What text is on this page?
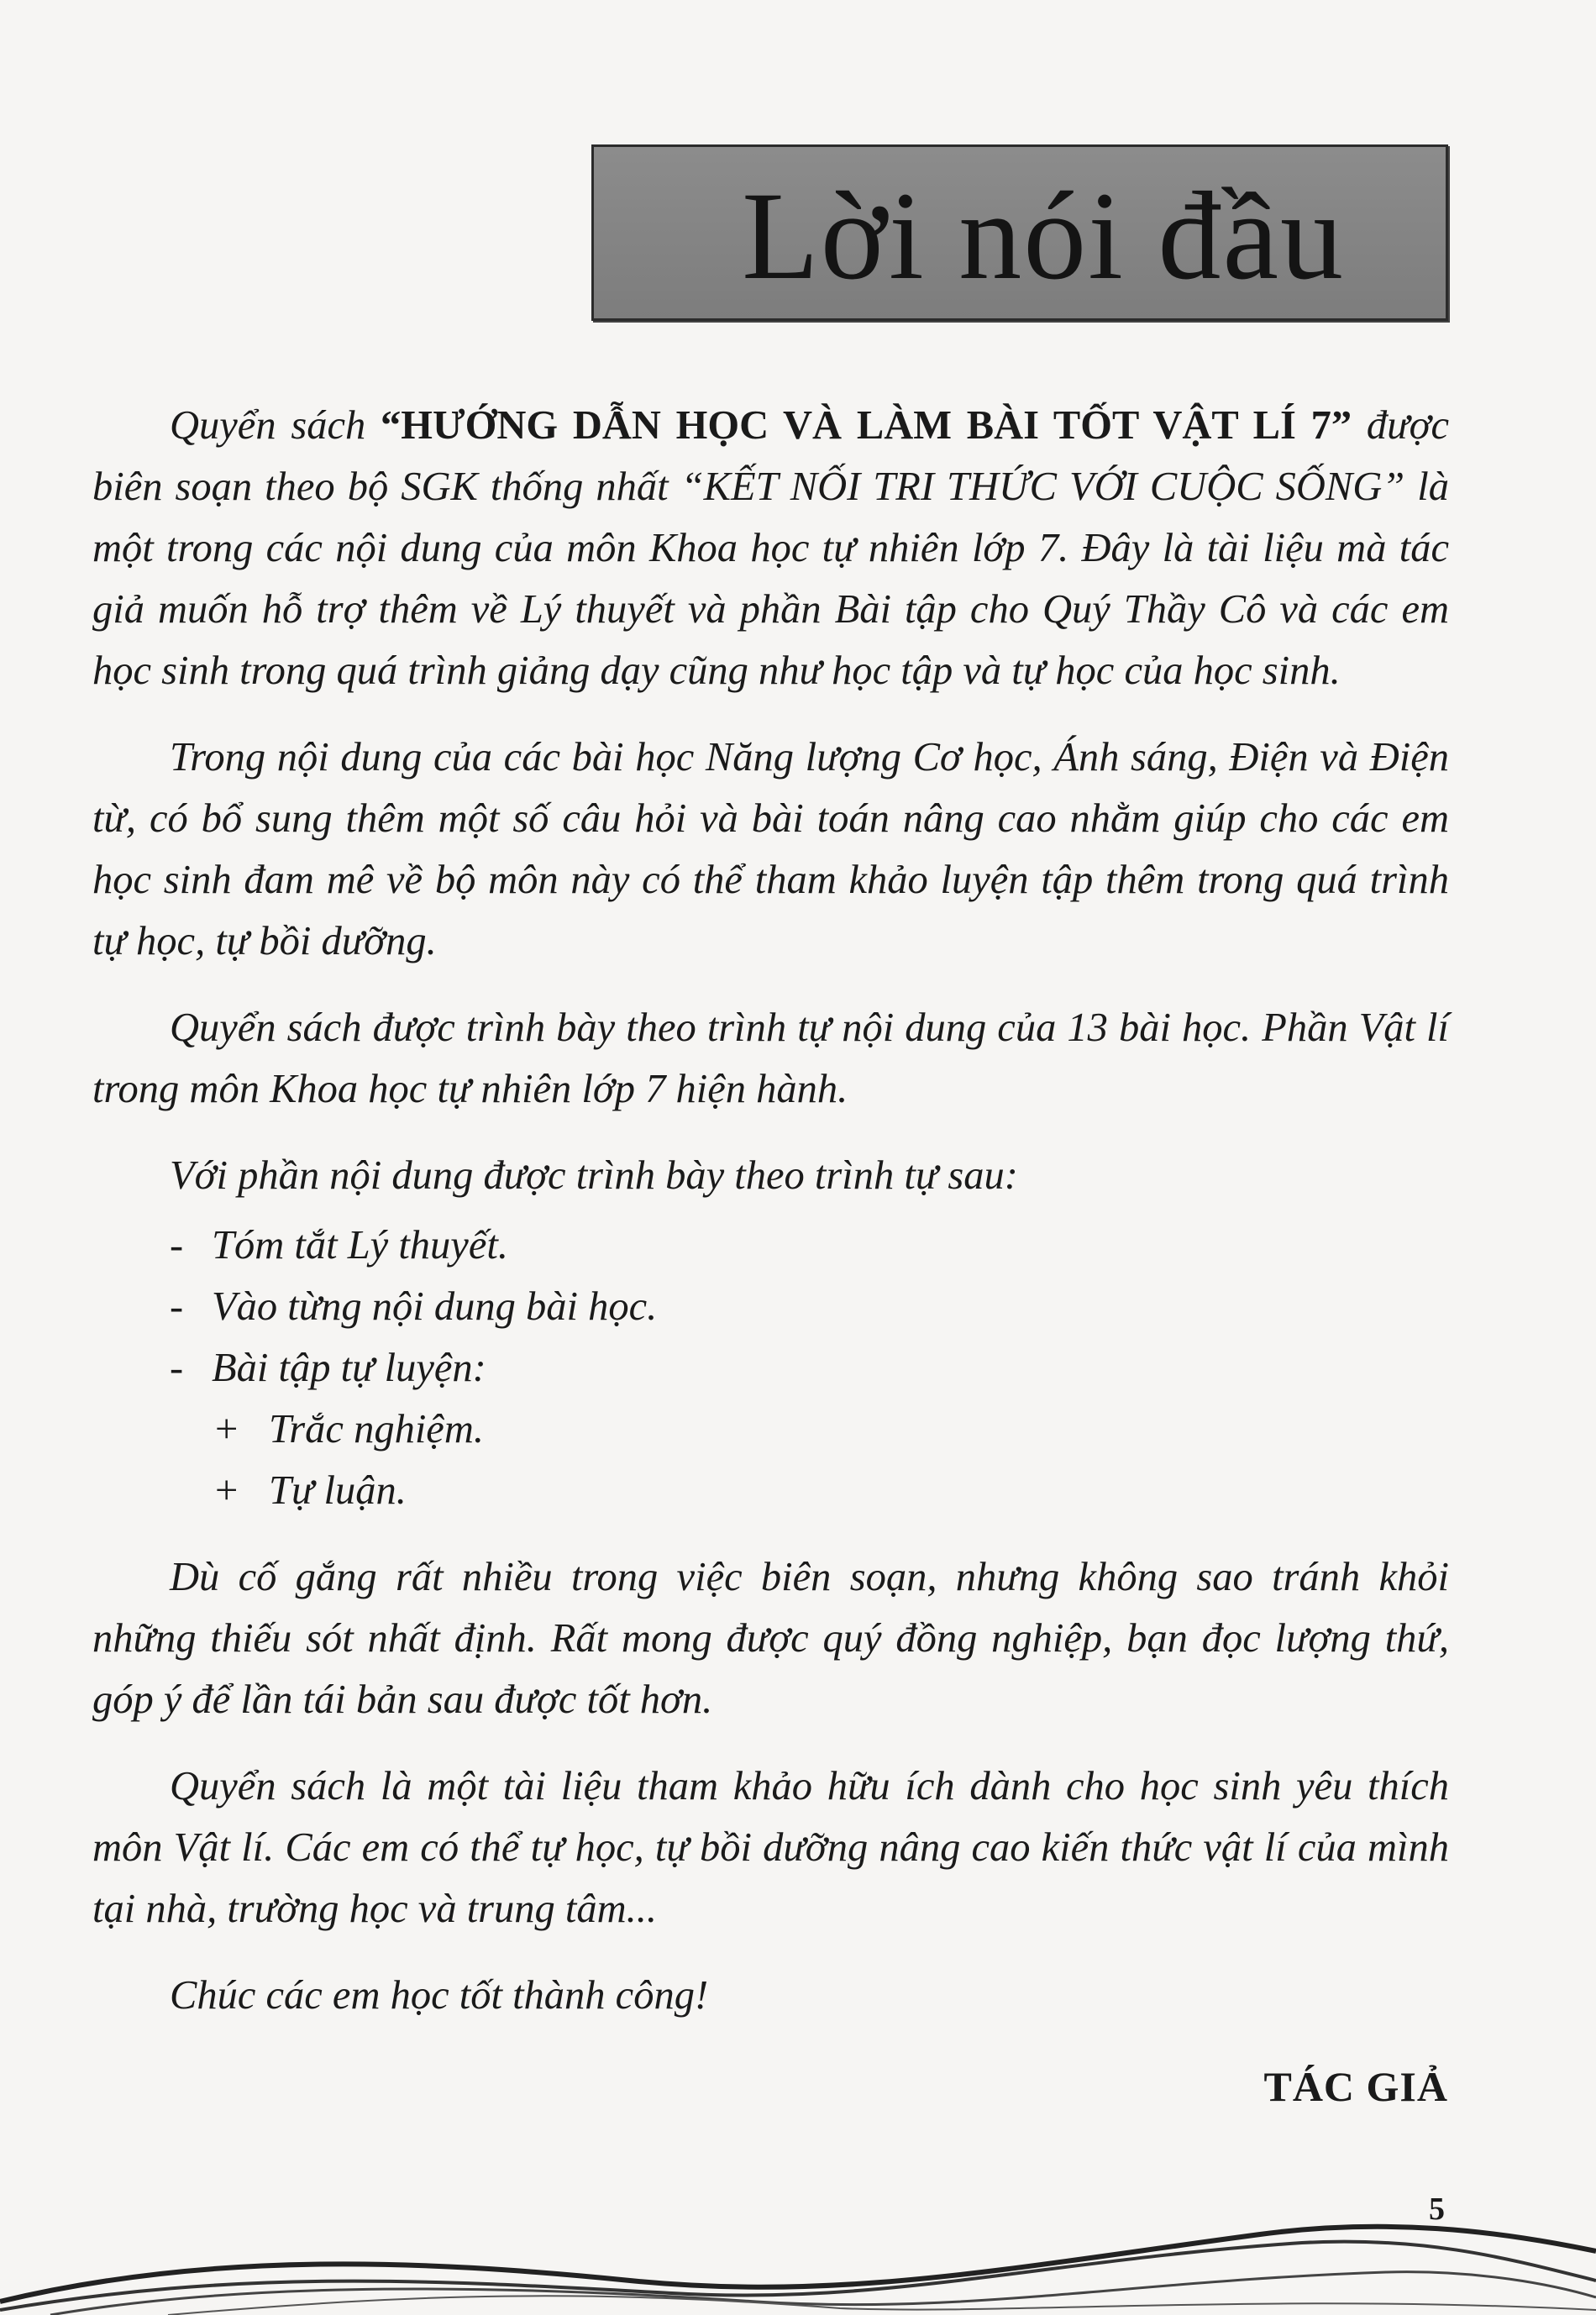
Lời nói đầu

Quyển sách “HƯỚNG DẪN HỌC VÀ LÀM BÀI TỐT VẬT LÍ 7” được biên soạn theo bộ SGK thống nhất “KẾT NỐI TRI THỨC VỚI CUỘC SỐNG” là một trong các nội dung của môn Khoa học tự nhiên lớp 7. Đây là tài liệu mà tác giả muốn hỗ trợ thêm về Lý thuyết và phần Bài tập cho Quý Thầy Cô và các em học sinh trong quá trình giảng dạy cũng như học tập và tự học của học sinh.

Trong nội dung của các bài học Năng lượng Cơ học, Ánh sáng, Điện và Điện từ, có bổ sung thêm một số câu hỏi và bài toán nâng cao nhằm giúp cho các em học sinh đam mê về bộ môn này có thể tham khảo luyện tập thêm trong quá trình tự học, tự bồi dưỡng.

Quyển sách được trình bày theo trình tự nội dung của 13 bài học. Phần Vật lí trong môn Khoa học tự nhiên lớp 7 hiện hành.

Với phần nội dung được trình bày theo trình tự sau:

- Tóm tắt Lý thuyết.
- Vào từng nội dung bài học.
- Bài tập tự luyện:
+ Trắc nghiệm.
+ Tự luận.

Dù cố gắng rất nhiều trong việc biên soạn, nhưng không sao tránh khỏi những thiếu sót nhất định. Rất mong được quý đồng nghiệp, bạn đọc lượng thứ, góp ý để lần tái bản sau được tốt hơn.

Quyển sách là một tài liệu tham khảo hữu ích dành cho học sinh yêu thích môn Vật lí. Các em có thể tự học, tự bồi dưỡng nâng cao kiến thức vật lí của mình tại nhà, trường học và trung tâm...

Chúc các em học tốt thành công!

TÁC GIẢ
5
